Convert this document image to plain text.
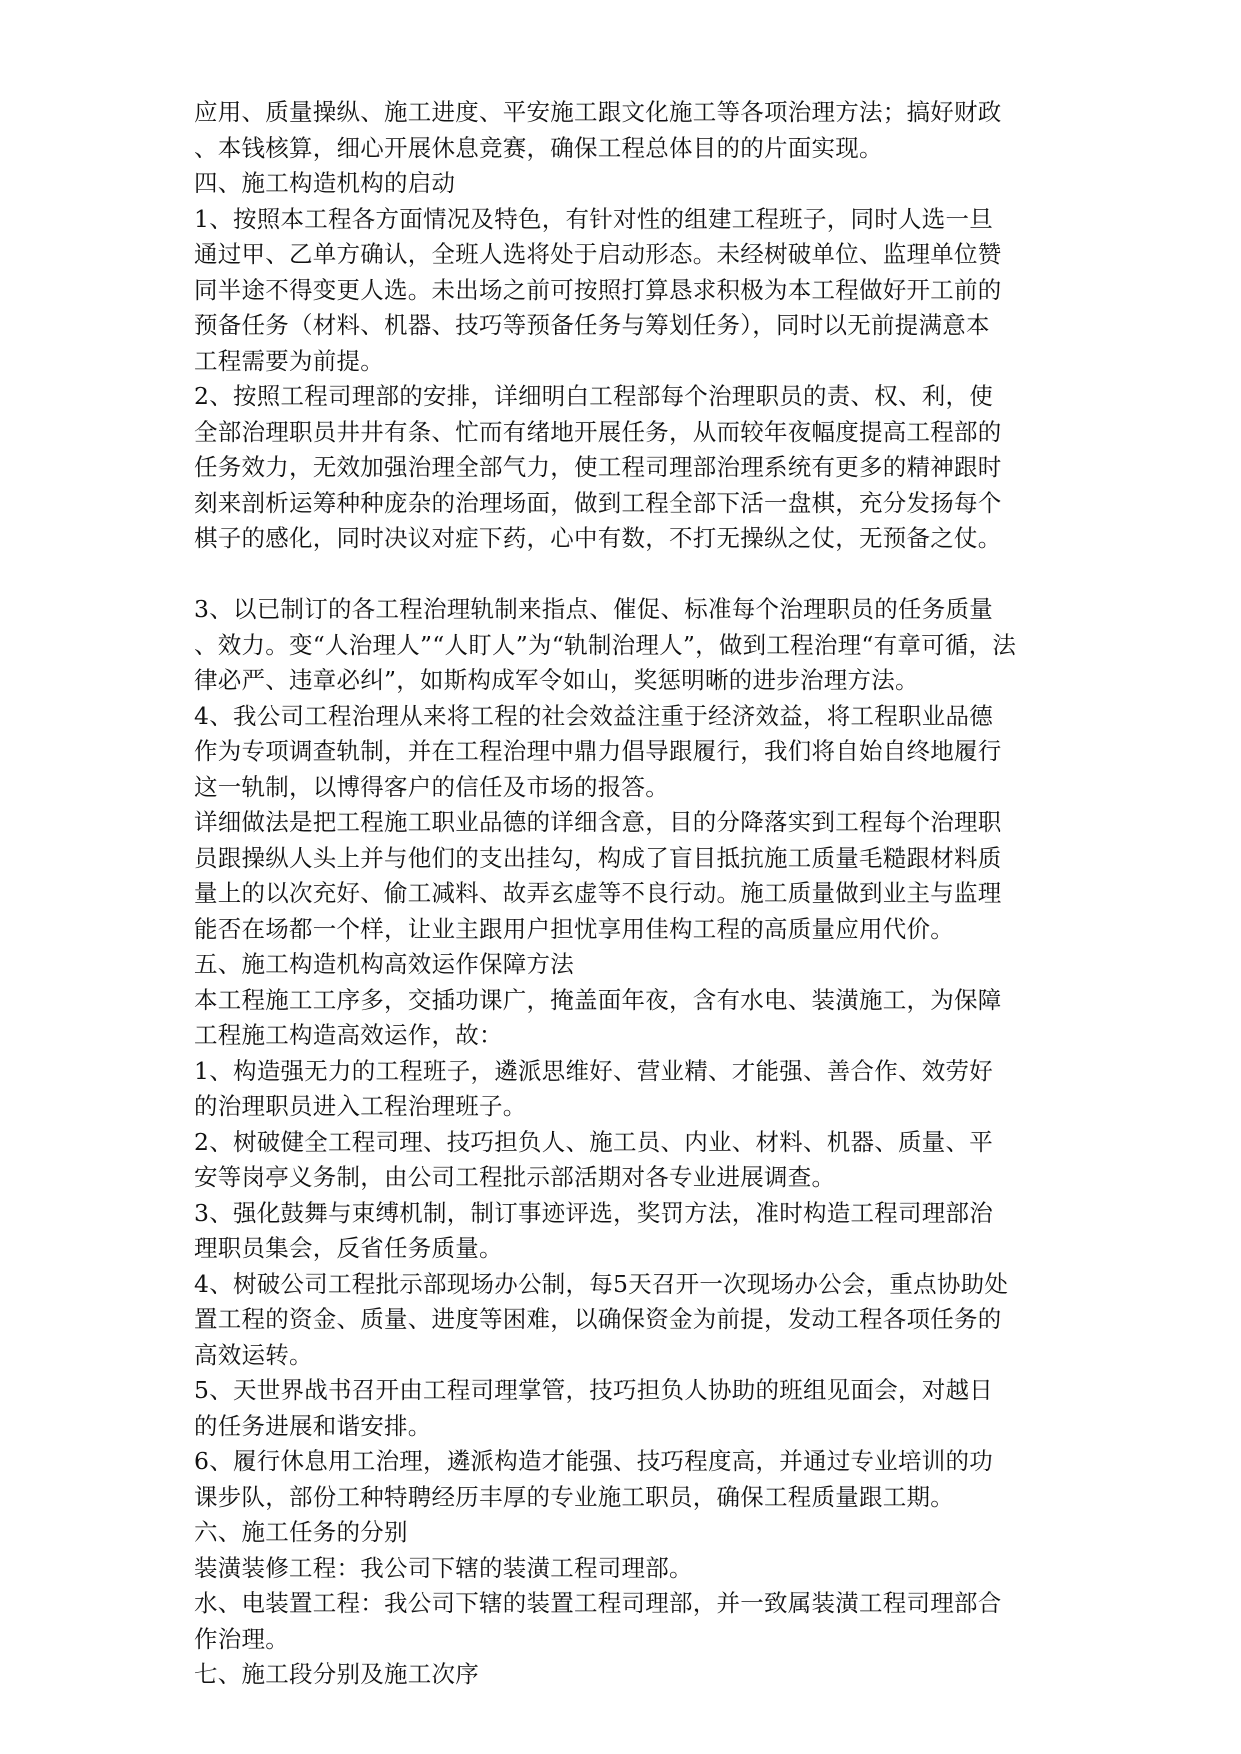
应用、质量操纵、施工进度、平安施工跟文化施工等各项治理方法；搞好财政
、本钱核算，细心开展休息竞赛，确保工程总体目的的片面实现。
四、施工构造机构的启动
1、按照本工程各方面情况及特色，有针对性的组建工程班子，同时人选一旦
通过甲、乙单方确认，全班人选将处于启动形态。未经树破单位、监理单位赞
同半途不得变更人选。未出场之前可按照打算恳求积极为本工程做好开工前的
预备任务（材料、机器、技巧等预备任务与筹划任务），同时以无前提满意本
工程需要为前提。
2、按照工程司理部的安排，详细明白工程部每个治理职员的责、权、利，使
全部治理职员井井有条、忙而有绪地开展任务，从而较年夜幅度提高工程部的
任务效力，无效加强治理全部气力，使工程司理部治理系统有更多的精神跟时
刻来剖析运筹种种庞杂的治理场面，做到工程全部下活一盘棋，充分发扬每个
棋子的感化，同时决议对症下药，心中有数，不打无操纵之仗，无预备之仗。
3、以已制订的各工程治理轨制来指点、催促、标准每个治理职员的任务质量
、效力。变“人治理人”“人盯人”为“轨制治理人”，做到工程治理“有章可循，法
律必严、违章必纠”，如斯构成军令如山，奖惩明晰的进步治理方法。
4、我公司工程治理从来将工程的社会效益注重于经济效益，将工程职业品德
作为专项调查轨制，并在工程治理中鼎力倡导跟履行，我们将自始自终地履行
这一轨制，以博得客户的信任及市场的报答。
详细做法是把工程施工职业品德的详细含意，目的分降落实到工程每个治理职
员跟操纵人头上并与他们的支出挂勾，构成了盲目抵抗施工质量毛糙跟材料质
量上的以次充好、偷工减料、故弄玄虚等不良行动。施工质量做到业主与监理
能否在场都一个样，让业主跟用户担忧享用佳构工程的高质量应用代价。
五、施工构造机构高效运作保障方法
本工程施工工序多，交插功课广，掩盖面年夜，含有水电、装潢施工，为保障
工程施工构造高效运作，故：
1、构造强无力的工程班子，遴派思维好、营业精、才能强、善合作、效劳好
的治理职员进入工程治理班子。
2、树破健全工程司理、技巧担负人、施工员、内业、材料、机器、质量、平
安等岗亭义务制，由公司工程批示部活期对各专业进展调查。
3、强化鼓舞与束缚机制，制订事迹评选，奖罚方法，准时构造工程司理部治
理职员集会，反省任务质量。
4、树破公司工程批示部现场办公制，每5天召开一次现场办公会，重点协助处
置工程的资金、质量、进度等困难，以确保资金为前提，发动工程各项任务的
高效运转。
5、天世界战书召开由工程司理掌管，技巧担负人协助的班组见面会，对越日
的任务进展和谐安排。
6、履行休息用工治理，遴派构造才能强、技巧程度高，并通过专业培训的功
课步队，部份工种特聘经历丰厚的专业施工职员，确保工程质量跟工期。
六、施工任务的分别
装潢装修工程：我公司下辖的装潢工程司理部。
水、电装置工程：我公司下辖的装置工程司理部，并一致属装潢工程司理部合
作治理。
七、施工段分别及施工次序
